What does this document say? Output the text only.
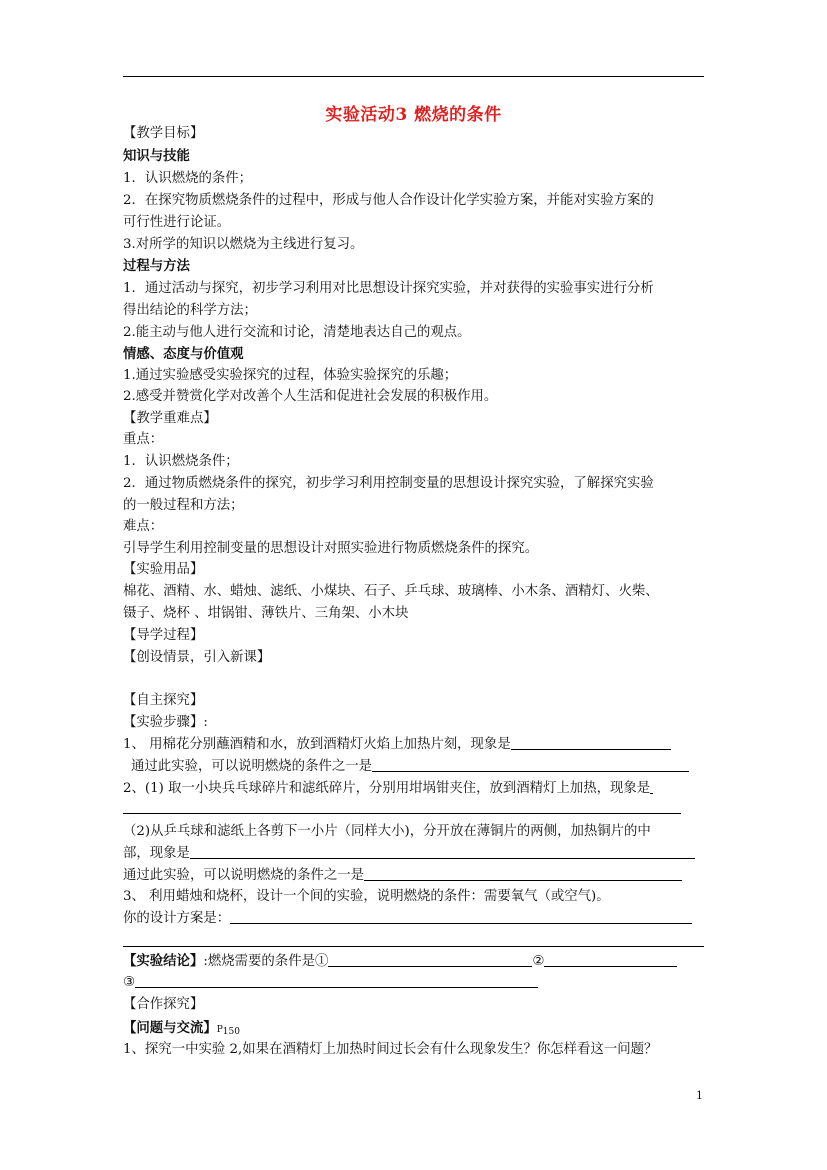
实验活动3 燃烧的条件
【教学目标】
知识与技能
1．认识燃烧的条件；
2．在探究物质燃烧条件的过程中，形成与他人合作设计化学实验方案，并能对实验方案的
可行性进行论证。
3.对所学的知识以燃烧为主线进行复习。
过程与方法
1．通过活动与探究，初步学习利用对比思想设计探究实验，并对获得的实验事实进行分析
得出结论的科学方法；
2.能主动与他人进行交流和讨论，清楚地表达自己的观点。
情感、态度与价值观
1.通过实验感受实验探究的过程，体验实验探究的乐趣；
2.感受并赞赏化学对改善个人生活和促进社会发展的积极作用。
【教学重难点】
重点：
1．认识燃烧条件；
2．通过物质燃烧条件的探究，初步学习利用控制变量的思想设计探究实验，了解探究实验
的一般过程和方法；
难点：
引导学生利用控制变量的思想设计对照实验进行物质燃烧条件的探究。
【实验用品】
棉花、酒精、水、蜡烛、滤纸、小煤块、石子、乒乓球、玻璃棒、小木条、酒精灯、火柴、
镊子、烧杯 、坩锅钳、薄铁片、三角架、小木块
【导学过程】
【创设情景，引入新课】
【自主探究】
【实验步骤】:
1、 用棉花分别蘸酒精和水，放到酒精灯火焰上加热片刻，现象是
通过此实验，可以说明燃烧的条件之一是
2、(1) 取一小块兵乓球碎片和滤纸碎片，分别用坩埚钳夹住，放到酒精灯上加热，现象是
（2)从乒乓球和滤纸上各剪下一小片（同样大小)，分开放在薄铜片的两侧，加热铜片的中
部，现象是
通过此实验，可以说明燃烧的条件之一是
3、 利用蜡烛和烧杯，设计一个间的实验，说明燃烧的条件：需要氧气（或空气)。
你的设计方案是：
【实验结论】:燃烧需要的条件是①	②
③
【合作探究】
【问题与交流】$P_{150}$
1、探究一中实验 2,如果在酒精灯上加热时间过长会有什么现象发生？你怎样看这一问题？
1
